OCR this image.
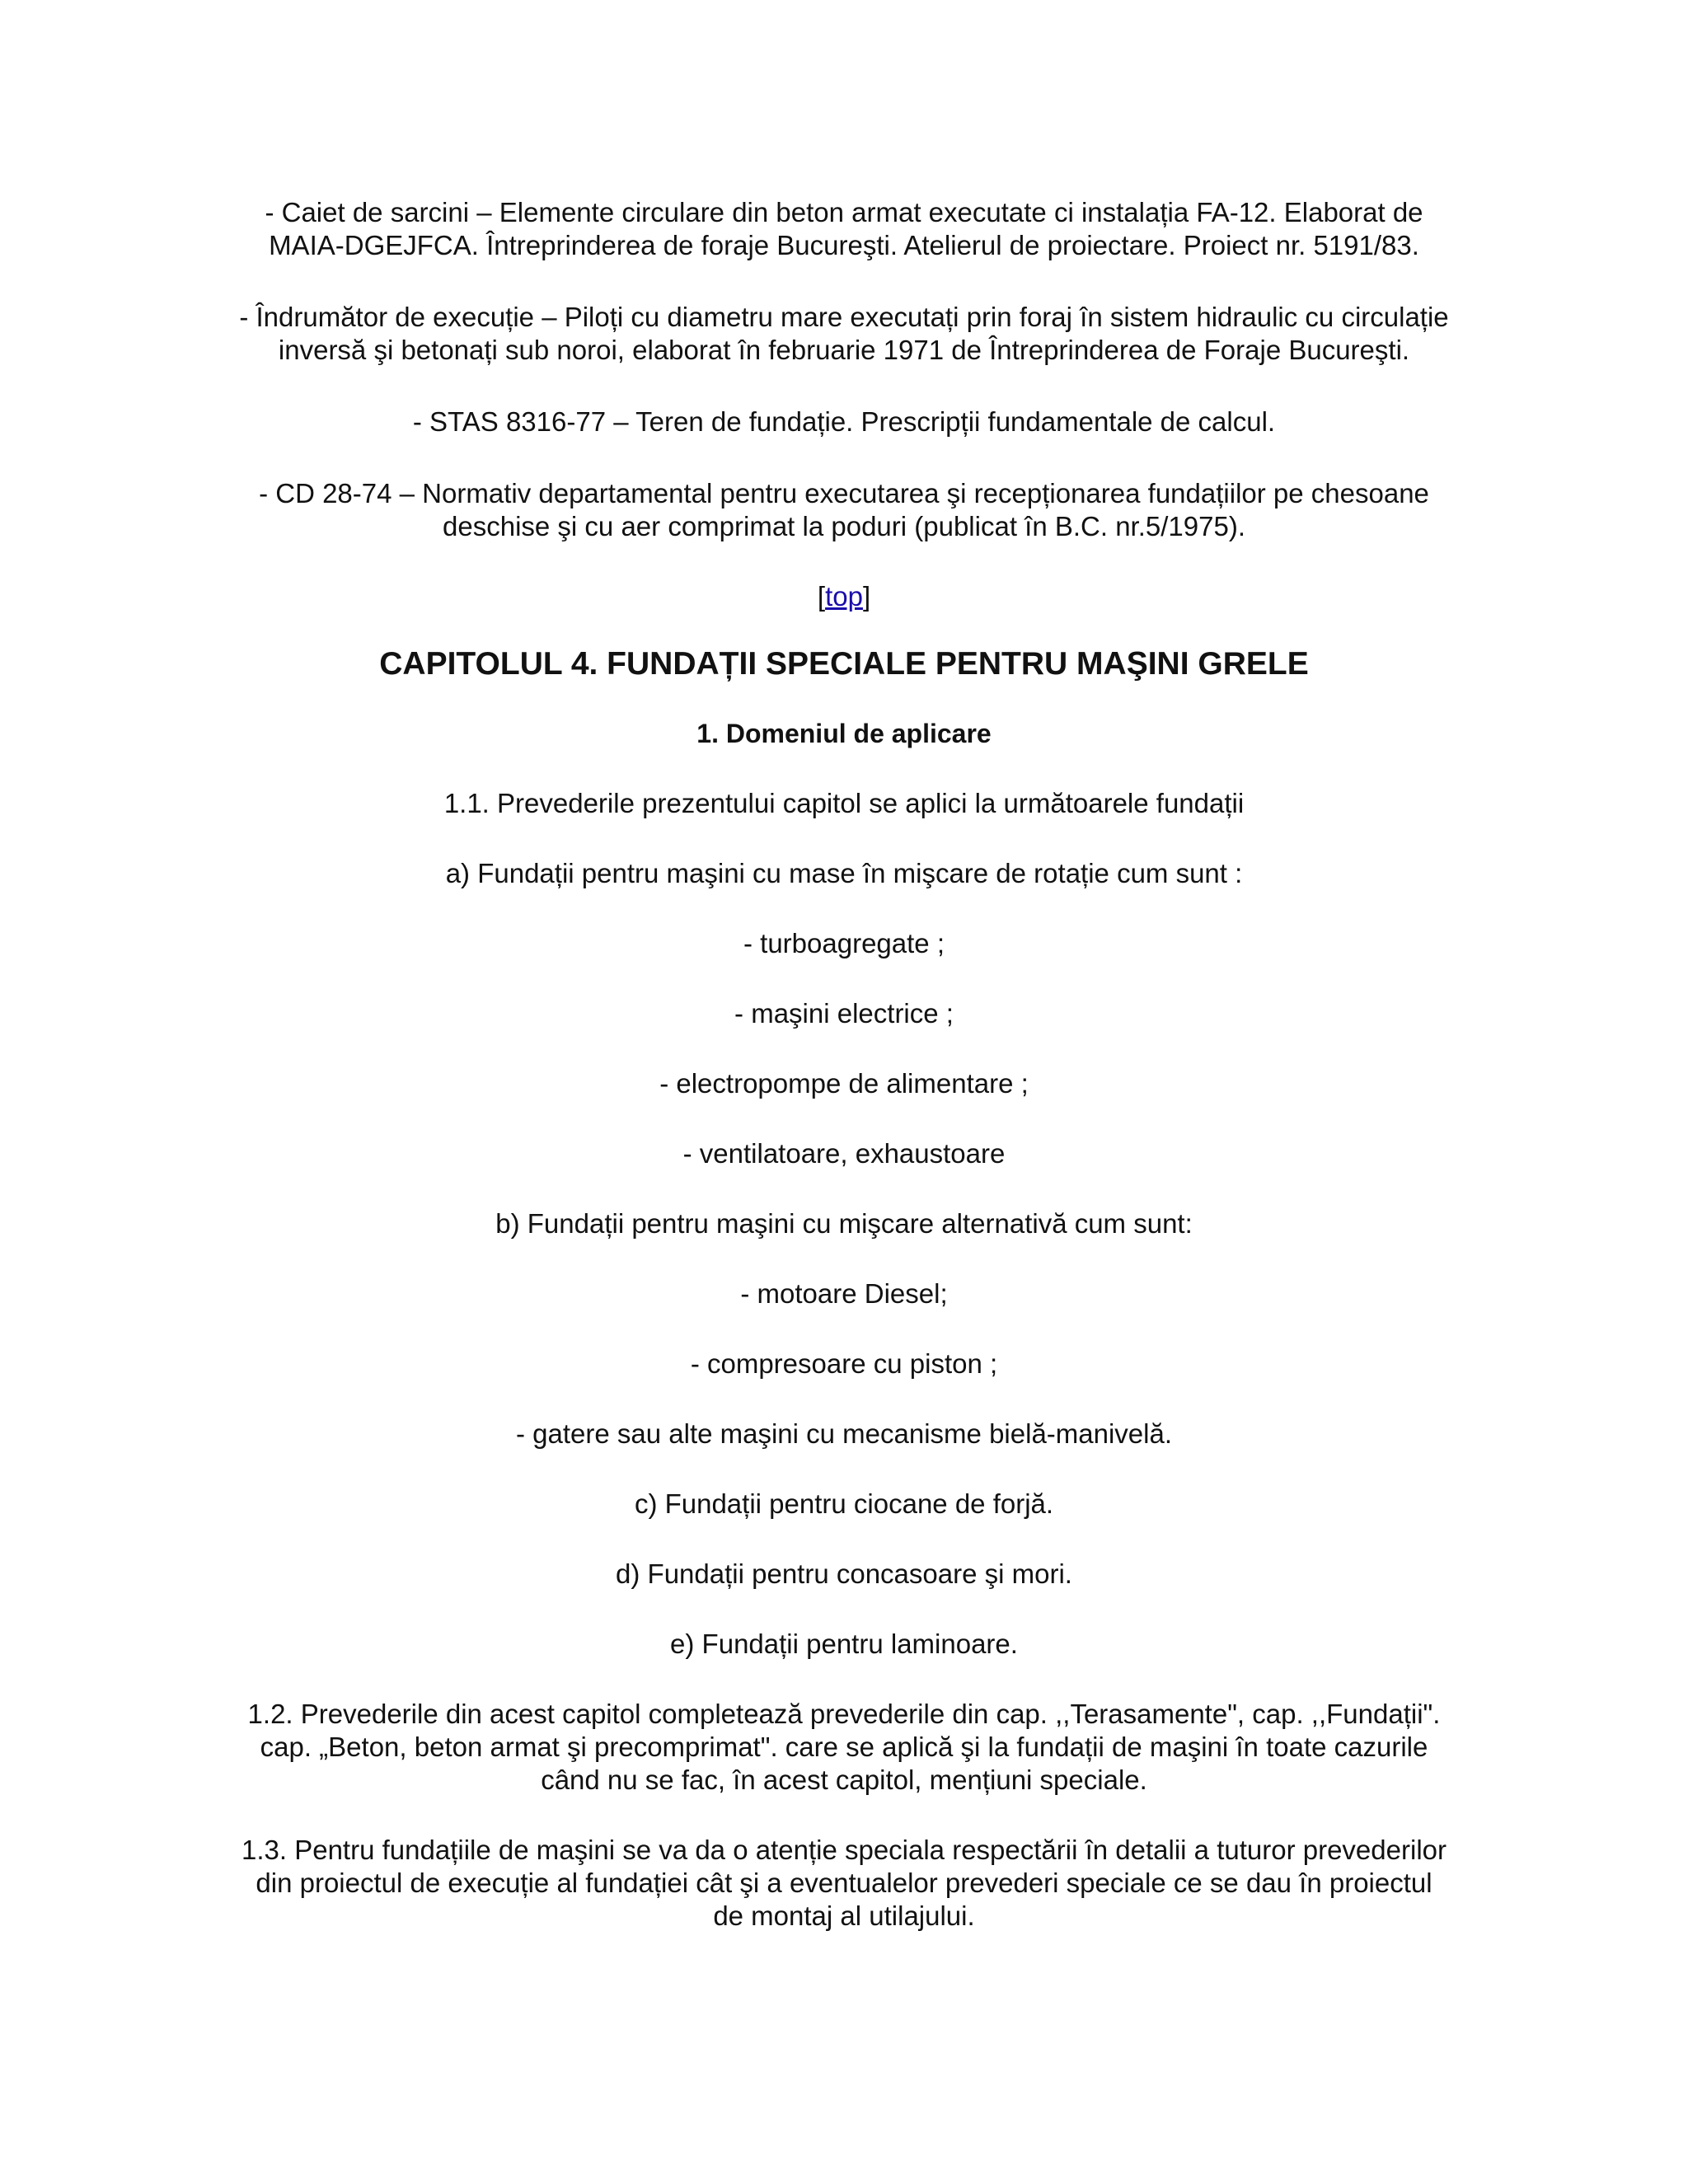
- Caiet de sarcini – Elemente circulare din beton armat executate ci instalația FA-12. Elaborat de MAIA-DGEJFCA. Întreprinderea de foraje Bucureşti. Atelierul de proiectare. Proiect nr. 5191/83.

- Îndrumător de execuție – Piloți cu diametru mare executați prin foraj în sistem hidraulic cu circulație inversă şi betonați sub noroi, elaborat în februarie 1971 de Întreprinderea de Foraje Bucureşti.

- STAS 8316-77 – Teren de fundație. Prescripții fundamentale de calcul.

- CD 28-74 – Normativ departamental pentru executarea şi recepționarea fundațiilor pe chesoane deschise şi cu aer comprimat la poduri (publicat în B.C. nr.5/1975).

[top]

CAPITOLUL 4. FUNDAȚII SPECIALE PENTRU MAŞINI GRELE
1. Domeniul de aplicare

1.1. Prevederile prezentului capitol se aplici la următoarele fundații

a) Fundații pentru maşini cu mase în mişcare de rotație cum sunt :

- turboagregate ;

- maşini electrice ;

- electropompe de alimentare ;

- ventilatoare, exhaustoare

b) Fundații pentru maşini cu mişcare alternativă cum sunt:

- motoare Diesel;

- compresoare cu piston ;

- gatere sau alte maşini cu mecanisme bielă-manivelă.

c) Fundații pentru ciocane de forjă.

d) Fundații pentru concasoare şi mori.

e) Fundații pentru laminoare.

1.2. Prevederile din acest capitol completează prevederile din cap. ,,Terasamente", cap. ,,Fundații". cap. „Beton, beton armat şi precomprimat". care se aplică şi la fundații de maşini în toate cazurile când nu se fac, în acest capitol, mențiuni speciale.

1.3. Pentru fundațiile de maşini se va da o atenție speciala respectării în detalii a tuturor prevederilor din proiectul de execuție al fundației cât şi a eventualelor prevederi speciale ce se dau în proiectul de montaj al utilajului.
